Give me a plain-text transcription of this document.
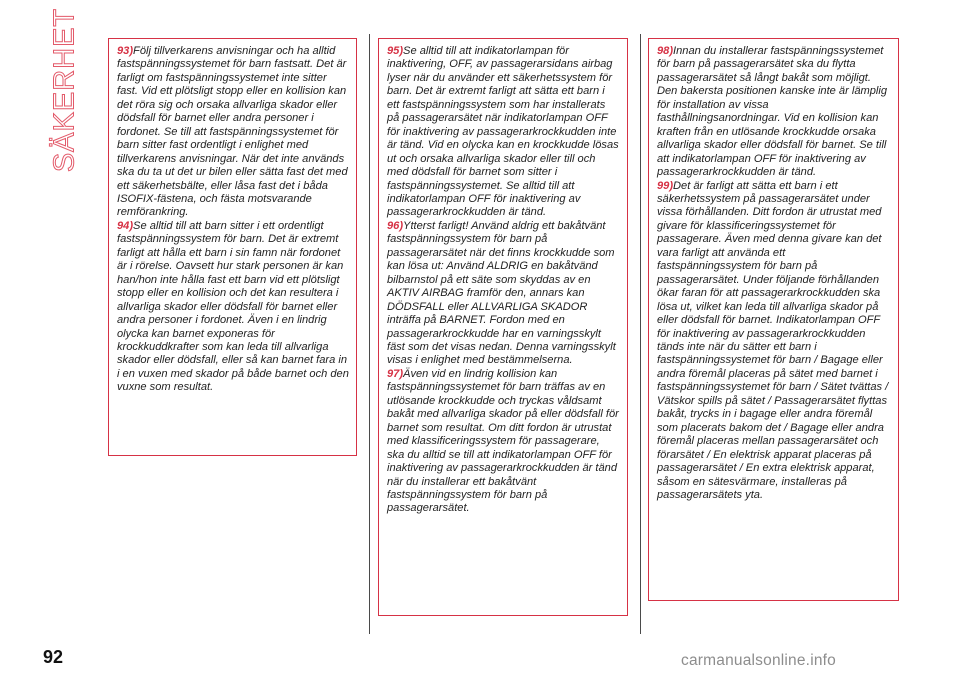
SÄKERHET	93)Följ tillverkarens anvisningar och ha alltid fastspänningssystemet för barn fastsatt. Det är farligt om fastspänningssystemet inte sitter fast. Vid ett plötsligt stopp eller en kollision kan det röra sig och orsaka allvarliga skador eller dödsfall för barnet eller andra personer i fordonet. Se till att fastspänningssystemet för barn sitter fast ordentligt i enlighet med tillverkarens anvisningar. När det inte används ska du ta ut det ur bilen eller sätta fast det med ett säkerhetsbälte, eller låsa fast det i båda ISOFIX-fästena, och fästa motsvarande remförankring.

94)Se alltid till att barn sitter i ett ordentligt fastspänningssystem för barn. Det är extremt farligt att hålla ett barn i sin famn när fordonet är i rörelse. Oavsett hur stark personen är kan han/hon inte hålla fast ett barn vid ett plötsligt stopp eller en kollision och det kan resultera i allvarliga skador eller dödsfall för barnet eller andra personer i fordonet. Även i en lindrig olycka kan barnet exponeras för krockkuddkrafter som kan leda till allvarliga skador eller dödsfall, eller så kan barnet fara in i en vuxen med skador på både barnet och den vuxne som resultat.

95)Se alltid till att indikatorlampan för inaktivering, OFF, av passagerarsidans airbag lyser när du använder ett säkerhetssystem för barn. Det är extremt farligt att sätta ett barn i ett fastspänningssystem som har installerats på passagerarsätet när indikatorlampan OFF för inaktivering av passagerarkrockkudden inte är tänd. Vid en olycka kan en krockkudde lösas ut och orsaka allvarliga skador eller till och med dödsfall för barnet som sitter i fastspänningssystemet. Se alltid till att indikatorlampan OFF för inaktivering av passagerarkrockkudden är tänd.

96)Ytterst farligt! Använd aldrig ett bakåtvänt fastspänningssystem för barn på passagerarsätet när det finns krockkudde som kan lösa ut: Använd ALDRIG en bakåtvänd bilbarnstol på ett säte som skyddas av en AKTIV AIRBAG framför den, annars kan DÖDSFALL eller ALLVARLIGA SKADOR inträffa på BARNET. Fordon med en passagerarkrockkudde har en varningsskylt fäst som det visas nedan. Denna varningsskylt visas i enlighet med bestämmelserna.

97)Även vid en lindrig kollision kan fastspänningssystemet för barn träffas av en utlösande krockkudde och tryckas våldsamt bakåt med allvarliga skador på eller dödsfall för barnet som resultat. Om ditt fordon är utrustat med klassificeringssystem för passagerare, ska du alltid se till att indikatorlampan OFF för inaktivering av passagerarkrockkudden är tänd när du installerar ett bakåtvänt fastspänningssystem för barn på passagerarsätet.

98)Innan du installerar fastspänningssystemet för barn på passagerarsätet ska du flytta passagerarsätet så långt bakåt som möjligt. Den bakersta positionen kanske inte är lämplig för installation av vissa fasthållningsanordningar. Vid en kollision kan kraften från en utlösande krockkudde orsaka allvarliga skador eller dödsfall för barnet. Se till att indikatorlampan OFF för inaktivering av passagerarkrockkudden är tänd.

99)Det är farligt att sätta ett barn i ett säkerhetssystem på passagerarsätet under vissa förhållanden. Ditt fordon är utrustat med givare för klassificeringssystemet för passagerare. Även med denna givare kan det vara farligt att använda ett fastspänningssystem för barn på passagerarsätet. Under följande förhållanden ökar faran för att passagerarkrockkudden ska lösa ut, vilket kan leda till allvarliga skador på eller dödsfall för barnet. Indikatorlampan OFF för inaktivering av passagerarkrockkudden tänds inte när du sätter ett barn i fastspänningssystemet för barn / Bagage eller andra föremål placeras på sätet med barnet i fastspänningssystemet för barn / Sätet tvättas / Vätskor spills på sätet / Passagerarsätet flyttas bakåt, trycks in i bagage eller andra föremål som placerats bakom det / Bagage eller andra föremål placeras mellan passagerarsätet och förarsätet / En elektrisk apparat placeras på passagerarsätet / En extra elektrisk apparat, såsom en sätesvärmare, installeras på passagerarsätets yta.

92	carmanualsonline.info
